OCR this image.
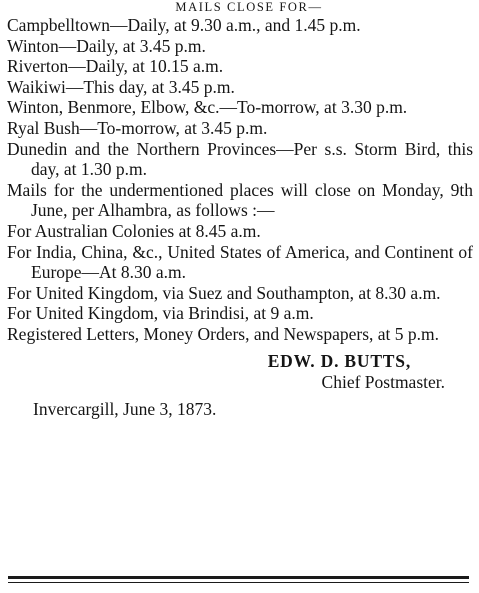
MAILS CLOSE FOR—

Campbelltown—Daily, at 9.30 a.m., and 1.45 p.m.

Winton—Daily, at 3.45 p.m.

Riverton—Daily, at 10.15 a.m.

Waikiwi—This day, at 3.45 p.m.

Winton, Benmore, Elbow, &c.—To-morrow, at 3.30 p.m.

Ryal Bush—To-morrow, at 3.45 p.m.

Dunedin and the Northern Provinces—Per s.s. Storm Bird, this day, at 1.30 p.m.

Mails for the undermentioned places will close on Monday, 9th June, per Alhambra, as follows :—

For Australian Colonies at 8.45 a.m.

For India, China, &c., United States of America, and Continent of Europe—At 8.30 a.m.

For United Kingdom, via Suez and Southampton, at 8.30 a.m.

For United Kingdom, via Brindisi, at 9 a.m.

Registered Letters, Money Orders, and Newspapers, at 5 p.m.

EDW. D. BUTTS,

Chief Postmaster.

Invercargill, June 3, 1873.
